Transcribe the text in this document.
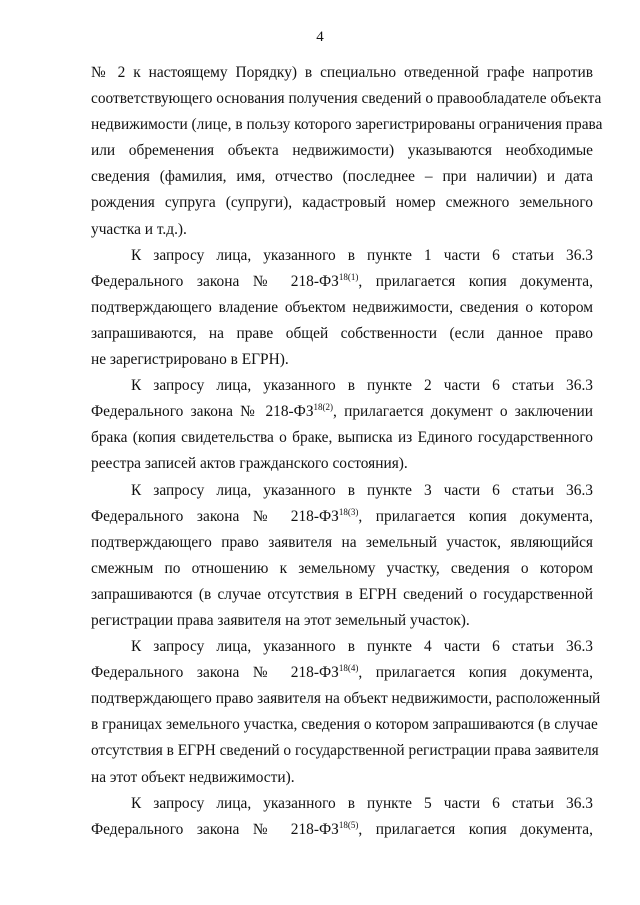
4
№ 2 к настоящему Порядку) в специально отведенной графе напротив
соответствующего основания получения сведений о правообладателе объекта
недвижимости (лице, в пользу которого зарегистрированы ограничения права
или обременения объекта недвижимости) указываются необходимые
сведения (фамилия, имя, отчество (последнее – при наличии) и дата
рождения супруга (супруги), кадастровый номер смежного земельного
участка и т.д.).
К запросу лица, указанного в пункте 1 части 6 статьи 36.3
Федерального закона № $218-ФЗ^{18(1)}$, прилагается копия документа,
подтверждающего владение объектом недвижимости, сведения о котором
запрашиваются, на праве общей собственности (если данное право
не зарегистрировано в ЕГРН).
К запросу лица, указанного в пункте 2 части 6 статьи 36.3
Федерального закона № $218-ФЗ^{18(2)}$, прилагается документ о заключении
брака (копия свидетельства о браке, выписка из Единого государственного
реестра записей актов гражданского состояния).
К запросу лица, указанного в пункте 3 части 6 статьи 36.3
Федерального закона № $218-ФЗ^{18(3)}$, прилагается копия документа,
подтверждающего право заявителя на земельный участок, являющийся
смежным по отношению к земельному участку, сведения о котором
запрашиваются (в случае отсутствия в ЕГРН сведений о государственной
регистрации права заявителя на этот земельный участок).
К запросу лица, указанного в пункте 4 части 6 статьи 36.3
Федерального закона № $218-ФЗ^{18(4)}$, прилагается копия документа,
подтверждающего право заявителя на объект недвижимости, расположенный
в границах земельного участка, сведения о котором запрашиваются (в случае
отсутствия в ЕГРН сведений о государственной регистрации права заявителя
на этот объект недвижимости).
К запросу лица, указанного в пункте 5 части 6 статьи 36.3
Федерального закона № $218-ФЗ^{18(5)}$, прилагается копия документа,
